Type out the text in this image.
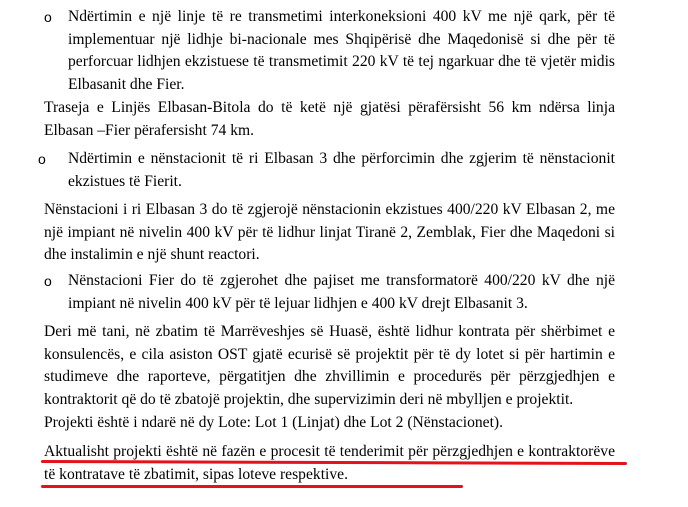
o Ndërtimin e një linje të re transmetimi interkoneksioni 400 kV me një qark, për të implementuar një lidhje bi-nacionale mes Shqipërisë dhe Maqedonisë si dhe për të perforcuar lidhjen ekzistuese të transmetimit 220 kV të tej ngarkuar dhe të vjetër midis Elbasanit dhe Fier.
Traseja e Linjës Elbasan-Bitola do të ketë një gjatësi përafërsisht 56 km ndërsa linja Elbasan –Fier përafersisht 74 km.
o Ndërtimin e nënstacionit të ri Elbasan 3 dhe përforcimin dhe zgjerim të nënstacionit ekzistues të Fierit.
Nënstacioni i ri Elbasan 3 do të zgjerojë nënstacionin ekzistues 400/220 kV Elbasan 2, me një impiant në nivelin 400 kV për të lidhur linjat Tiranë 2, Zemblak, Fier dhe Maqedoni si dhe instalimin e një shunt reactori.
o Nënstacioni Fier do të zgjerohet dhe pajiset me transformatorë 400/220 kV dhe një impiant në nivelin 400 kV për të lejuar lidhjen e 400 kV drejt Elbasanit 3.
Deri më tani, në zbatim të Marrëveshjes së Huasë, është lidhur kontrata për shërbimet e konsulencës, e cila asiston OST gjatë ecurisë së projektit për të dy lotet si për hartimin e studimeve dhe raporteve, përgatitjen dhe zhvillimin e procedurës për përzgjedhjen e kontraktorit që do të zbatojë projektin, dhe supervizimin deri në mbylljen e projektit.
Projekti është i ndarë në dy Lote: Lot 1 (Linjat) dhe Lot 2 (Nënstacionet).
Aktualisht projekti është në fazën e procesit të tenderimit për përzgjedhjen e kontraktorëve të kontratave të zbatimit, sipas loteve respektive.
